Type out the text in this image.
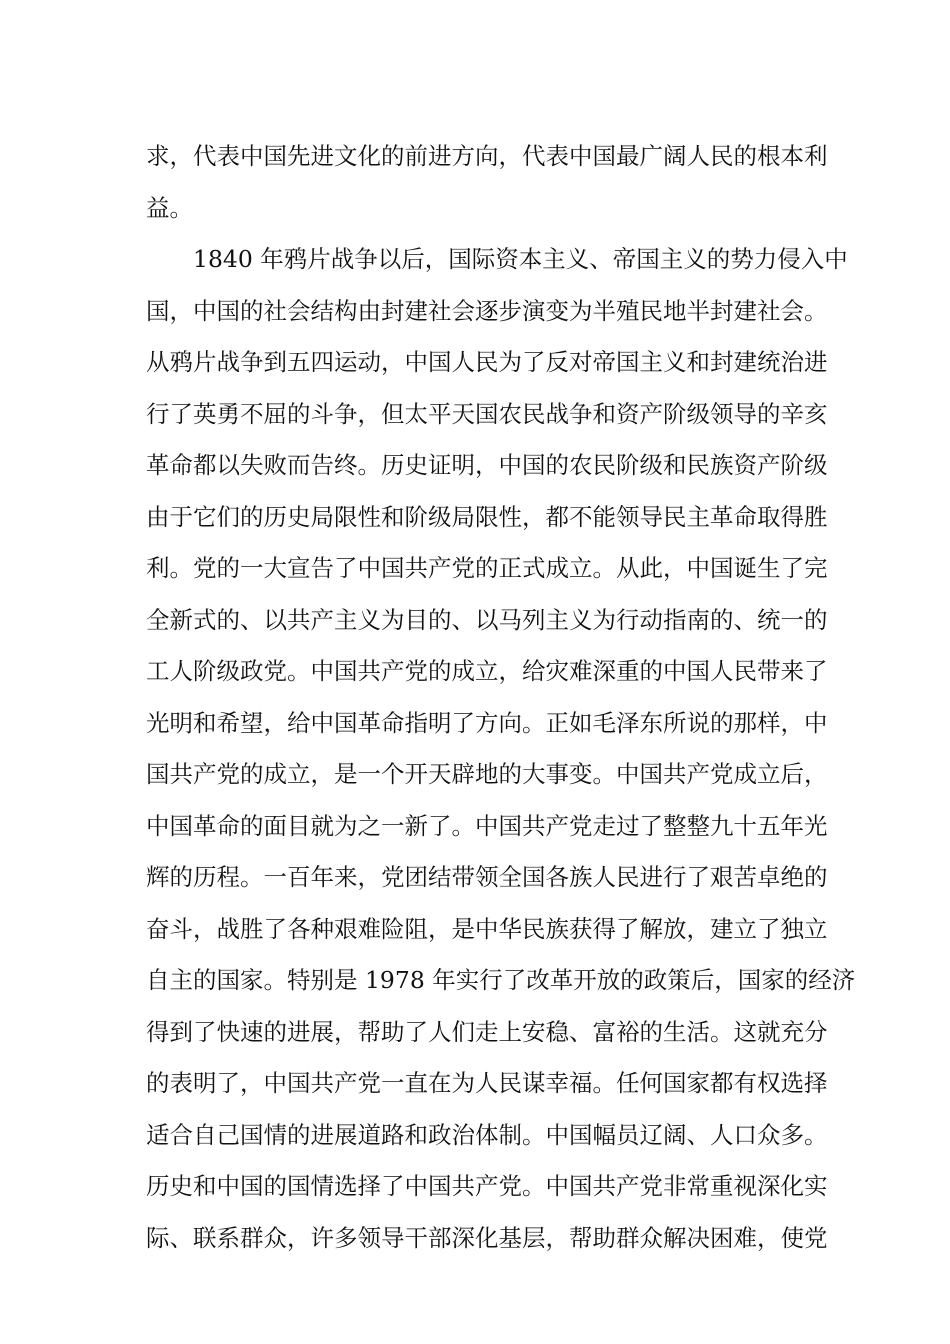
求，代表中国先进文化的前进方向，代表中国最广阔人民的根本利
益。
　　1840 年鸦片战争以后，国际资本主义、帝国主义的势力侵入中
国，中国的社会结构由封建社会逐步演变为半殖民地半封建社会。
从鸦片战争到五四运动，中国人民为了反对帝国主义和封建统治进
行了英勇不屈的斗争，但太平天国农民战争和资产阶级领导的辛亥
革命都以失败而告终。历史证明，中国的农民阶级和民族资产阶级
由于它们的历史局限性和阶级局限性，都不能领导民主革命取得胜
利。党的一大宣告了中国共产党的正式成立。从此，中国诞生了完
全新式的、以共产主义为目的、以马列主义为行动指南的、统一的
工人阶级政党。中国共产党的成立，给灾难深重的中国人民带来了
光明和希望，给中国革命指明了方向。正如毛泽东所说的那样，中
国共产党的成立，是一个开天辟地的大事变。中国共产党成立后，
中国革命的面目就为之一新了。中国共产党走过了整整九十五年光
辉的历程。一百年来，党团结带领全国各族人民进行了艰苦卓绝的
奋斗，战胜了各种艰难险阻，是中华民族获得了解放，建立了独立
自主的国家。特别是 1978 年实行了改革开放的政策后，国家的经济
得到了快速的进展，帮助了人们走上安稳、富裕的生活。这就充分
的表明了，中国共产党一直在为人民谋幸福。任何国家都有权选择
适合自己国情的进展道路和政治体制。中国幅员辽阔、人口众多。
历史和中国的国情选择了中国共产党。中国共产党非常重视深化实
际、联系群众，许多领导干部深化基层，帮助群众解决困难，使党
